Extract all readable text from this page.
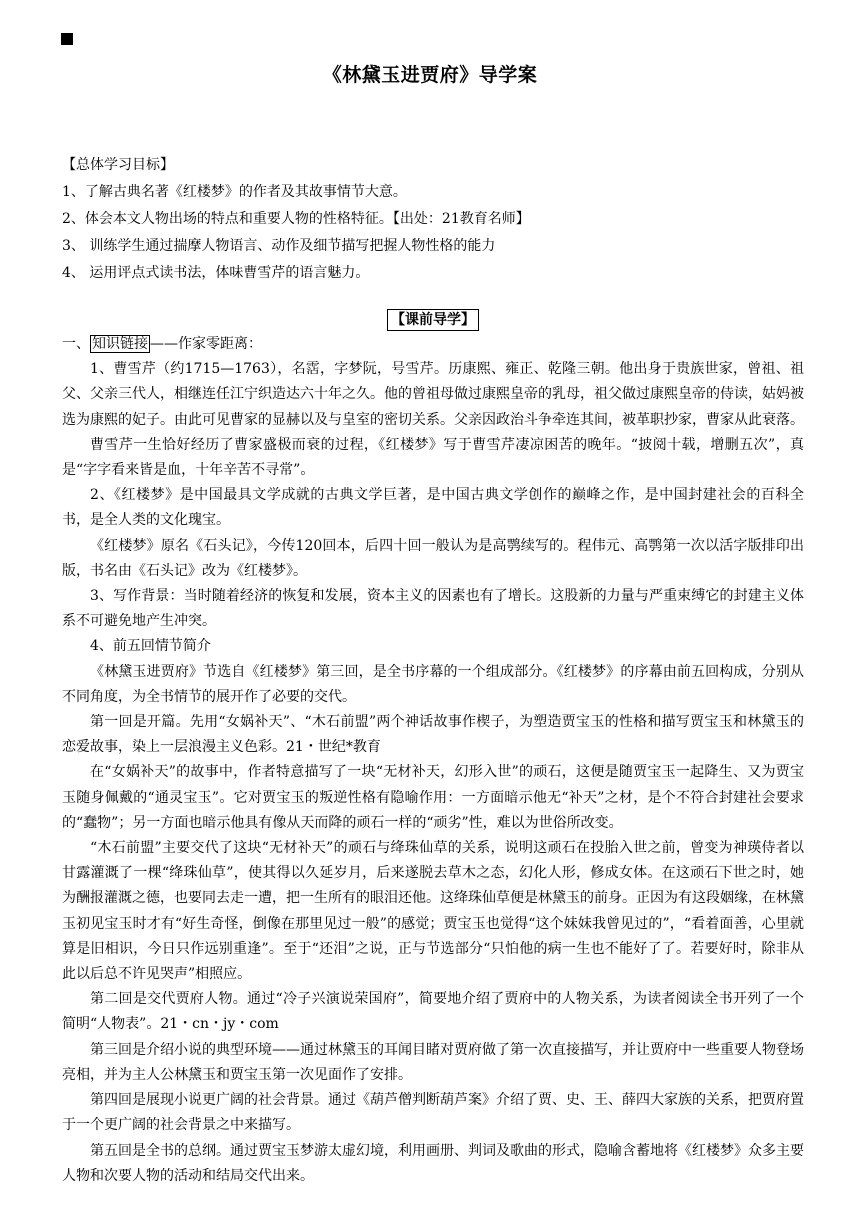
《林黛玉进贾府》导学案

【总体学习目标】

1、了解古典名著《红楼梦》的作者及其故事情节大意。

2、体会本文人物出场的特点和重要人物的性格特征。【出处：21教育名师】

3、 训练学生通过揣摩人物语言、动作及细节描写把握人物性格的能力

4、 运用评点式读书法，体味曹雪芹的语言魅力。

【课前导学】

一、 知识链接 ——作家零距离：

1、曹雪芹（约1715—1763），名霑，字梦阮，号雪芹。历康熙、雍正、乾隆三朝。他出身于贵族世家，曾祖、祖父、父亲三代人，相继连任江宁织造达六十年之久。他的曾祖母做过康熙皇帝的乳母，祖父做过康熙皇帝的侍读，姑妈被选为康熙的妃子。由此可见曹家的显赫以及与皇室的密切关系。父亲因政治斗争牵连其间，被革职抄家，曹家从此衰落。

曹雪芹一生恰好经历了曹家盛极而衰的过程，《红楼梦》写于曹雪芹凄凉困苦的晚年。“披阅十载，增删五次”，真是“字字看来皆是血，十年辛苦不寻常”。

2、《红楼梦》是中国最具文学成就的古典文学巨著，是中国古典文学创作的巅峰之作，是中国封建社会的百科全书，是全人类的文化瑰宝。

《红楼梦》原名《石头记》，今传120回本，后四十回一般认为是高鹗续写的。程伟元、高鹗第一次以活字版排印出版，书名由《石头记》改为《红楼梦》。

3、写作背景：当时随着经济的恢复和发展，资本主义的因素也有了增长。这股新的力量与严重束缚它的封建主义体系不可避免地产生冲突。

4、前五回情节简介

《林黛玉进贾府》节选自《红楼梦》第三回，是全书序幕的一个组成部分。《红楼梦》的序幕由前五回构成，分别从不同角度，为全书情节的展开作了必要的交代。

第一回是开篇。先用“女娲补天”、“木石前盟”两个神话故事作楔子，为塑造贾宝玉的性格和描写贾宝玉和林黛玉的恋爱故事，染上一层浪漫主义色彩。21・世纪*教育

在“女娲补天”的故事中，作者特意描写了一块“无材补天，幻形入世”的顽石，这便是随贾宝玉一起降生、又为贾宝玉随身佩戴的“通灵宝玉”。它对贾宝玉的叛逆性格有隐喻作用：一方面暗示他无“补天”之材，是个不符合封建社会要求的“蠢物”；另一方面也暗示他具有像从天而降的顽石一样的“顽劣”性，难以为世俗所改变。

“木石前盟”主要交代了这块“无材补天”的顽石与绛珠仙草的关系，说明这顽石在投胎入世之前，曾变为神瑛侍者以甘露灌溉了一棵“绛珠仙草”，使其得以久延岁月，后来遂脱去草木之态，幻化人形，修成女体。在这顽石下世之时，她为酬报灌溉之德，也要同去走一遭，把一生所有的眼泪还他。这绛珠仙草便是林黛玉的前身。正因为有这段姻缘，在林黛玉初见宝玉时才有“好生奇怪，倒像在那里见过一般”的感觉；贾宝玉也觉得“这个妹妹我曾见过的”，“看着面善，心里就算是旧相识，今日只作远别重逢”。至于“还泪”之说，正与节选部分“只怕他的病一生也不能好了了。若要好时，除非从此以后总不许见哭声”相照应。

第二回是交代贾府人物。通过“冷子兴演说荣国府”，简要地介绍了贾府中的人物关系，为读者阅读全书开列了一个简明“人物表”。21・cn・jy・com

第三回是介绍小说的典型环境——通过林黛玉的耳闻目睹对贾府做了第一次直接描写，并让贾府中一些重要人物登场亮相，并为主人公林黛玉和贾宝玉第一次见面作了安排。

第四回是展现小说更广阔的社会背景。通过《葫芦僧判断葫芦案》介绍了贾、史、王、薛四大家族的关系，把贾府置于一个更广阔的社会背景之中来描写。

第五回是全书的总纲。通过贾宝玉梦游太虚幻境，利用画册、判词及歌曲的形式，隐喻含蓄地将《红楼梦》众多主要人物和次要人物的活动和结局交代出来。
